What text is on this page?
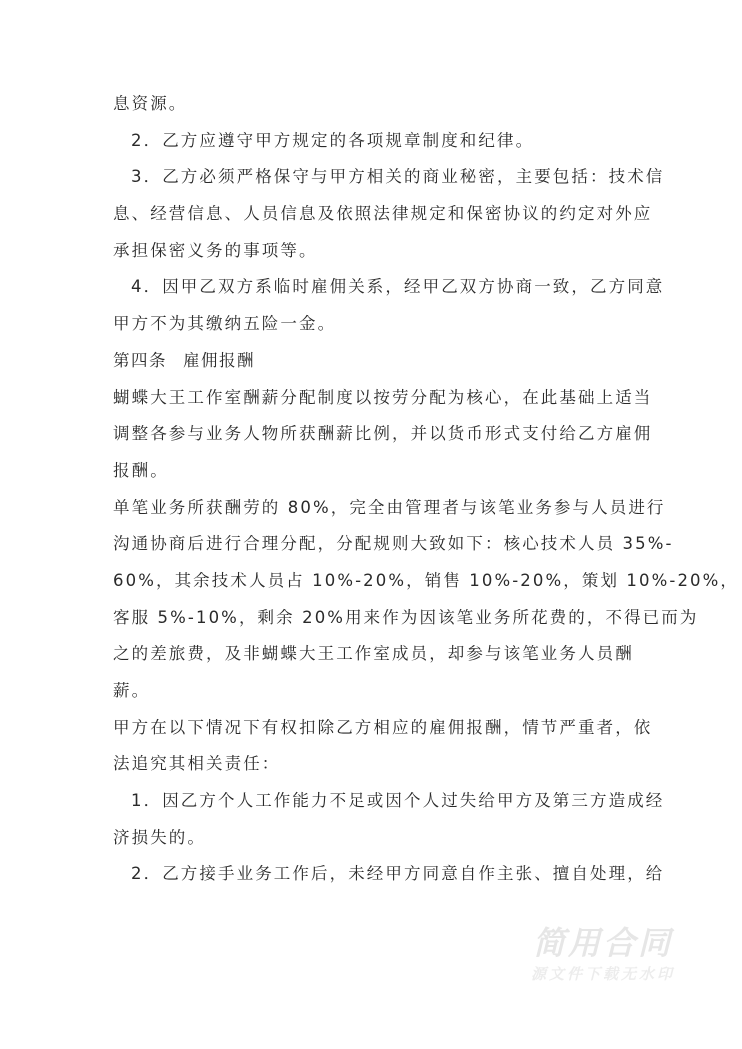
息资源。
2．乙方应遵守甲方规定的各项规章制度和纪律。
3．乙方必须严格保守与甲方相关的商业秘密，主要包括：技术信
息、经营信息、人员信息及依照法律规定和保密协议的约定对外应
承担保密义务的事项等。
4．因甲乙双方系临时雇佣关系，经甲乙双方协商一致，乙方同意
甲方不为其缴纳五险一金。
第四条 雇佣报酬
蝴蝶大王工作室酬薪分配制度以按劳分配为核心，在此基础上适当
调整各参与业务人物所获酬薪比例，并以货币形式支付给乙方雇佣
报酬。
单笔业务所获酬劳的 80%，完全由管理者与该笔业务参与人员进行
沟通协商后进行合理分配，分配规则大致如下：核心技术人员 35%-
60%，其余技术人员占 10%-20%，销售 10%-20%，策划 10%-20%，
客服 5%-10%，剩余 20%用来作为因该笔业务所花费的，不得已而为
之的差旅费，及非蝴蝶大王工作室成员，却参与该笔业务人员酬
薪。
甲方在以下情况下有权扣除乙方相应的雇佣报酬，情节严重者，依
法追究其相关责任：
1．因乙方个人工作能力不足或因个人过失给甲方及第三方造成经
济损失的。
2．乙方接手业务工作后，未经甲方同意自作主张、擅自处理，给
简用合同
源文件下载无水印
